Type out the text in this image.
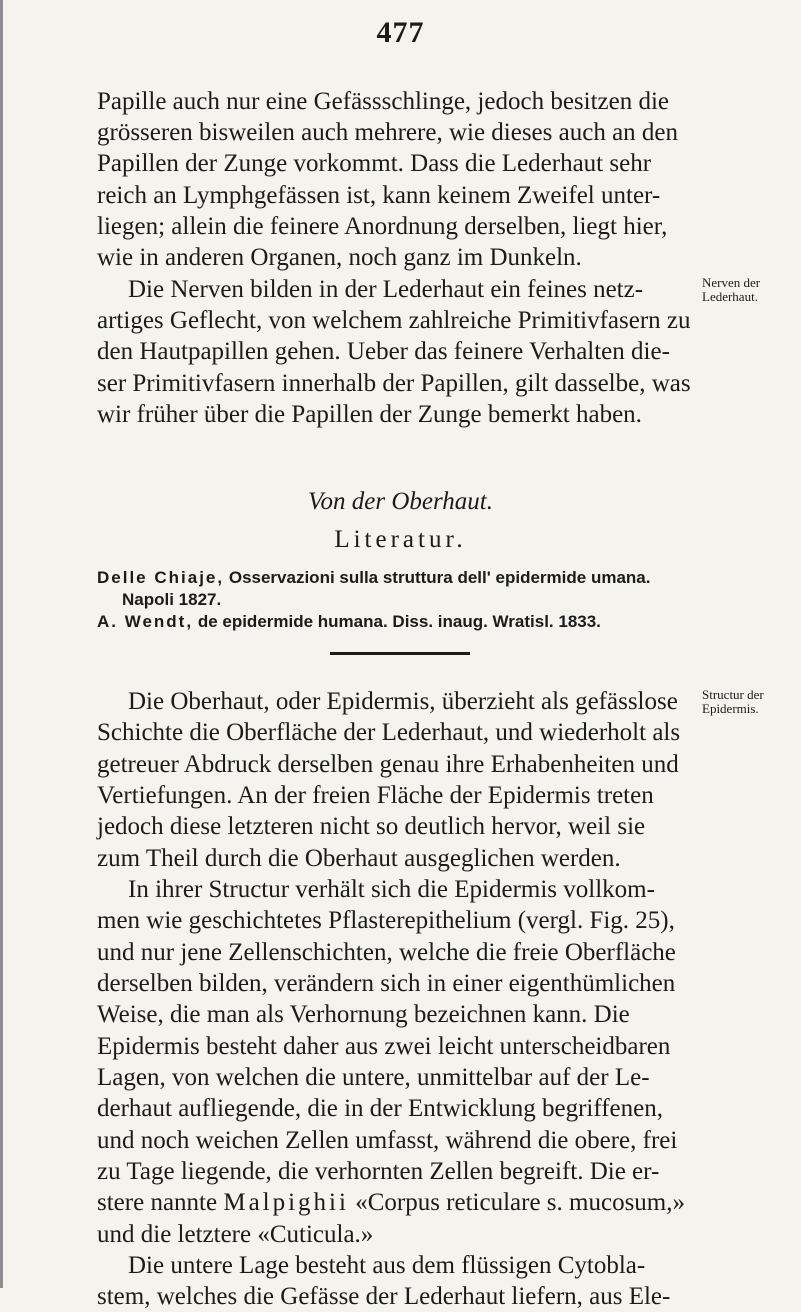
477
Papille auch nur eine Gefässschlinge, jedoch besitzen die
grösseren bisweilen auch mehrere, wie dieses auch an den
Papillen der Zunge vorkommt. Dass die Lederhaut sehr
reich an Lymphgefässen ist, kann keinem Zweifel unter-
liegen; allein die feinere Anordnung derselben, liegt hier,
wie in anderen Organen, noch ganz im Dunkeln.
Die Nerven bilden in der Lederhaut ein feines netz-	Nerven der
Lederhaut.
artiges Geflecht, von welchem zahlreiche Primitivfasern zu
den Hautpapillen gehen. Ueber das feinere Verhalten die-
ser Primitivfasern innerhalb der Papillen, gilt dasselbe, was
wir früher über die Papillen der Zunge bemerkt haben.
Von der Oberhaut.
Literatur.
Delle Chiaje, Osservazioni sulla struttura dell' epidermide umana.
Napoli 1827.
A. Wendt, de epidermide humana. Diss. inaug. Wratisl. 1833.
Die Oberhaut, oder Epidermis, überzieht als gefässlose Structur der
Epidermis.
Schichte die Oberfläche der Lederhaut, und wiederholt als
getreuer Abdruck derselben genau ihre Erhabenheiten und
Vertiefungen. An der freien Fläche der Epidermis treten
jedoch diese letzteren nicht so deutlich hervor, weil sie
zum Theil durch die Oberhaut ausgeglichen werden.
In ihrer Structur verhält sich die Epidermis vollkom-
men wie geschichtetes Pflasterepithelium (vergl. Fig. 25),
und nur jene Zellenschichten, welche die freie Oberfläche
derselben bilden, verändern sich in einer eigenthümlichen
Weise, die man als Verhornung bezeichnen kann. Die
Epidermis besteht daher aus zwei leicht unterscheidbaren
Lagen, von welchen die untere, unmittelbar auf der Le-
derhaut aufliegende, die in der Entwicklung begriffenen,
und noch weichen Zellen umfasst, während die obere, frei
zu Tage liegende, die verhornten Zellen begreift. Die er-
stere nannte Malpighii «Corpus reticulare s. mucosum,»
und die letztere «Cuticula.»
Die untere Lage besteht aus dem flüssigen Cytobla-
stem, welches die Gefässe der Lederhaut liefern, aus Ele-
